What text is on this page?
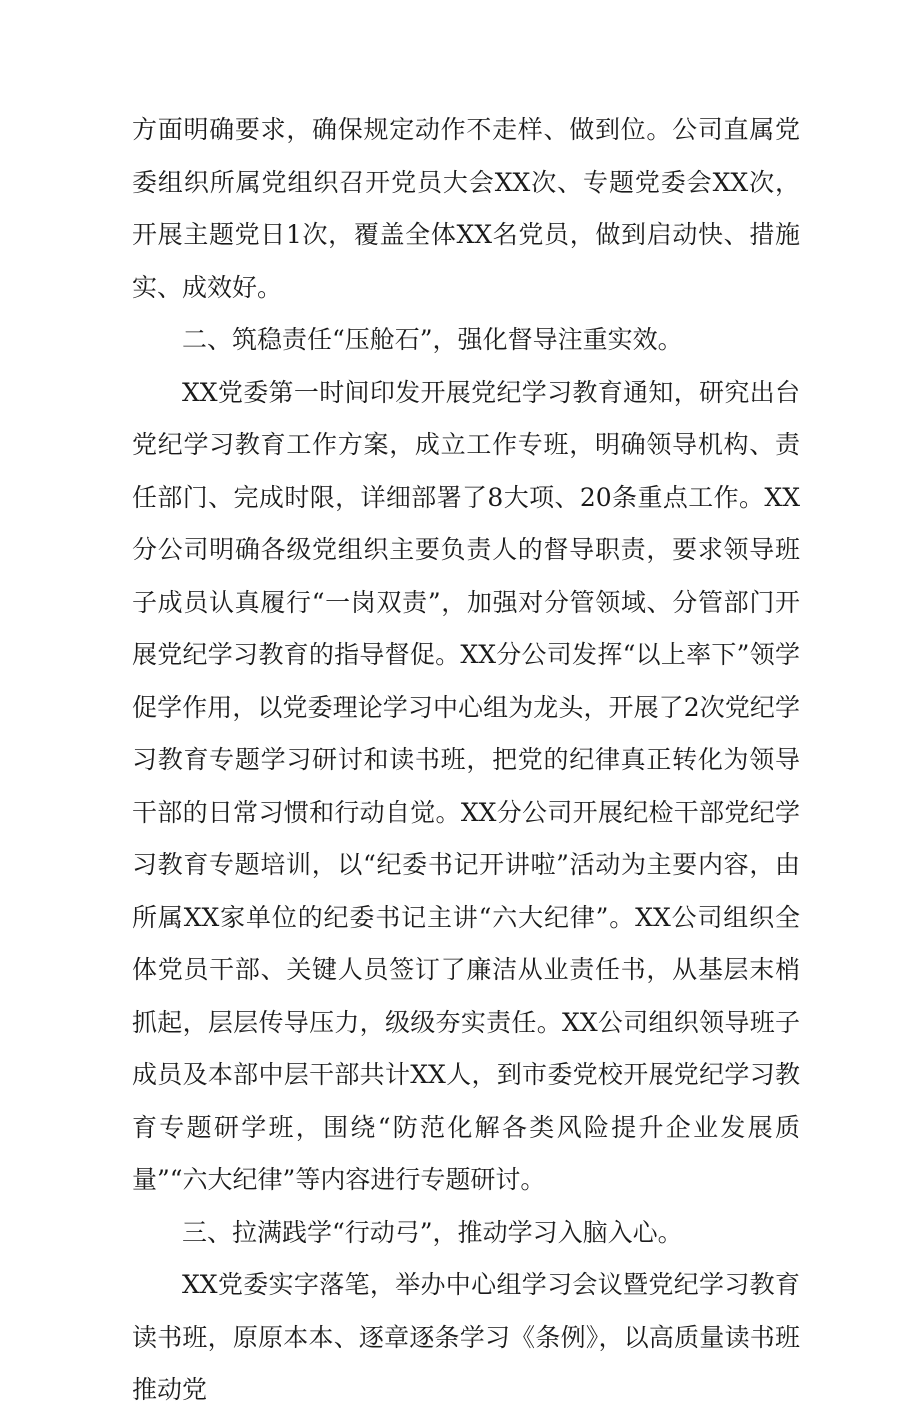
方面明确要求，确保规定动作不走样、做到位。公司直属党委组织所属党组织召开党员大会XX次、专题党委会XX次，开展主题党日1次，覆盖全体XX名党员，做到启动快、措施实、成效好。

二、筑稳责任“压舱石”，强化督导注重实效。

XX党委第一时间印发开展党纪学习教育通知，研究出台党纪学习教育工作方案，成立工作专班，明确领导机构、责任部门、完成时限，详细部署了8大项、20条重点工作。XX分公司明确各级党组织主要负责人的督导职责，要求领导班子成员认真履行“一岗双责”，加强对分管领域、分管部门开展党纪学习教育的指导督促。XX分公司发挥“以上率下”领学促学作用，以党委理论学习中心组为龙头，开展了2次党纪学习教育专题学习研讨和读书班，把党的纪律真正转化为领导干部的日常习惯和行动自觉。XX分公司开展纪检干部党纪学习教育专题培训，以“纪委书记开讲啦”活动为主要内容，由所属XX家单位的纪委书记主讲“六大纪律”。XX公司组织全体党员干部、关键人员签订了廉洁从业责任书，从基层末梢抓起，层层传导压力，级级夯实责任。XX公司组织领导班子成员及本部中层干部共计XX人，到市委党校开展党纪学习教育专题研学班，围绕“防范化解各类风险提升企业发展质量”“六大纪律”等内容进行专题研讨。

三、拉满践学“行动弓”，推动学习入脑入心。

XX党委实字落笔，举办中心组学习会议暨党纪学习教育读书班，原原本本、逐章逐条学习《条例》，以高质量读书班推动党
